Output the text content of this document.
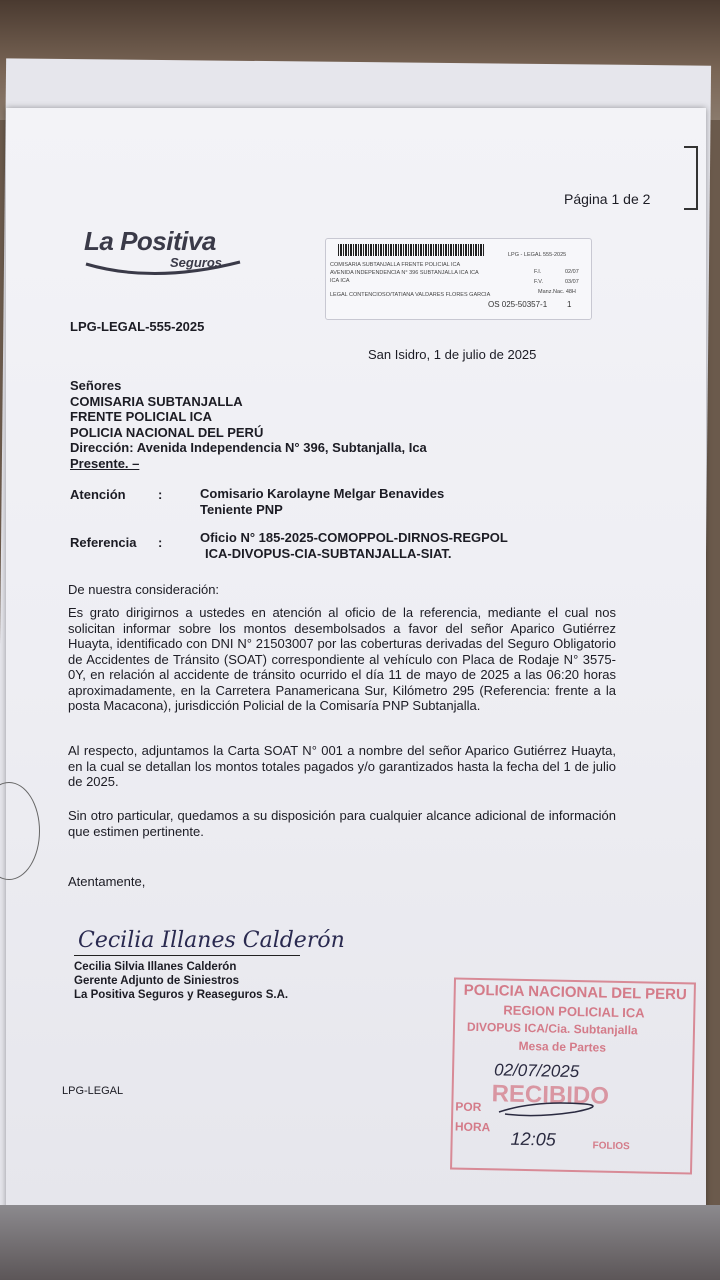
Página 1 de 2
La Positiva
Seguros	LPG - LEGAL 555-2025
COMISARIA SUBTANJALLA FRENTE POLICIAL ICA
AVENIDA INDEPENDENCIA N° 396 SUBTANJALLA ICA ICA
ICA ICA
LEGAL CONTENCIOSO/TATIANA VALDARES FLORES GARCIA
F.I.	02/07
F.V.	03/07
Manz.Nac. 48H
OS 025-50357-1 1
LPG-LEGAL-555-2025
San Isidro, 1 de julio de 2025
Señores
COMISARIA SUBTANJALLA
FRENTE POLICIAL ICA
POLICIA NACIONAL DEL PERÚ
Dirección: Avenida Independencia N° 396, Subtanjalla, Ica
Presente. –
Atención :	Comisario Karolayne Melgar Benavides
Teniente PNP
Referencia :	Oficio N° 185-2025-COMOPPOL-DIRNOS-REGPOL
ICA-DIVOPUS-CIA-SUBTANJALLA-SIAT.
De nuestra consideración:
Es grato dirigirnos a ustedes en atención al oficio de la referencia, mediante el cual nos solicitan informar sobre los montos desembolsados a favor del señor Aparico Gutiérrez Huayta, identificado con DNI N° 21503007 por las coberturas derivadas del Seguro Obligatorio de Accidentes de Tránsito (SOAT) correspondiente al vehículo con Placa de Rodaje N° 3575-0Y, en relación al accidente de tránsito ocurrido el día 11 de mayo de 2025 a las 06:20 horas aproximadamente, en la Carretera Panamericana Sur, Kilómetro 295 (Referencia: frente a la posta Macacona), jurisdicción Policial de la Comisaría PNP Subtanjalla.
Al respecto, adjuntamos la Carta SOAT N° 001 a nombre del señor Aparico Gutiérrez Huayta, en la cual se detallan los montos totales pagados y/o garantizados hasta la fecha del 1 de julio de 2025.
Sin otro particular, quedamos a su disposición para cualquier alcance adicional de información que estimen pertinente.
Atentamente,
Cecilia Illanes Calderón
Cecilia Silvia Illanes Calderón
Gerente Adjunto de Siniestros
La Positiva Seguros y Reaseguros S.A.
LPG-LEGAL
POLICIA NACIONAL DEL PERU
REGION POLICIAL ICA
DIVOPUS ICA/Cia. Subtanjalla
Mesa de Partes
02/07/2025
RECIBIDO
POR
HORA
12:05	FOLIOS
